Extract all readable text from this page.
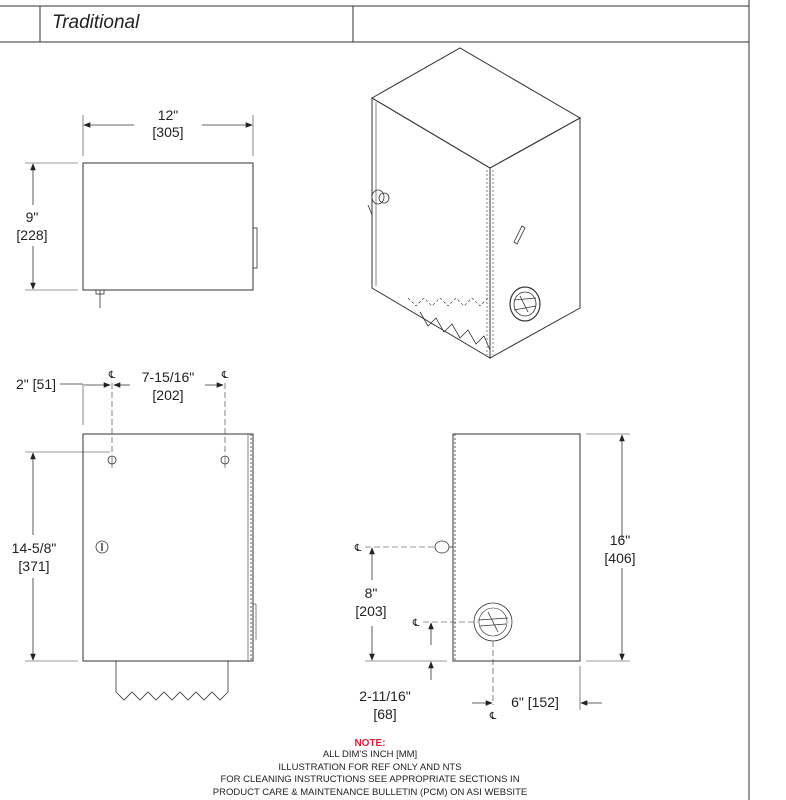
12"
[305]
9"
[228]
℄	℄
2" [51]	7-15/16"
[202]
14-5/8"
[371]
℄
℄
℄
16"
[406]
8"
[203]
2-11/16"
[68]
6" [152]
Traditional
NOTE:
ALL DIM'S INCH [MM]
ILLUSTRATION FOR REF ONLY AND NTS
FOR CLEANING INSTRUCTIONS SEE APPROPRIATE SECTIONS IN
PRODUCT CARE & MAINTENANCE BULLETIN (PCM) ON ASI WEBSITE
